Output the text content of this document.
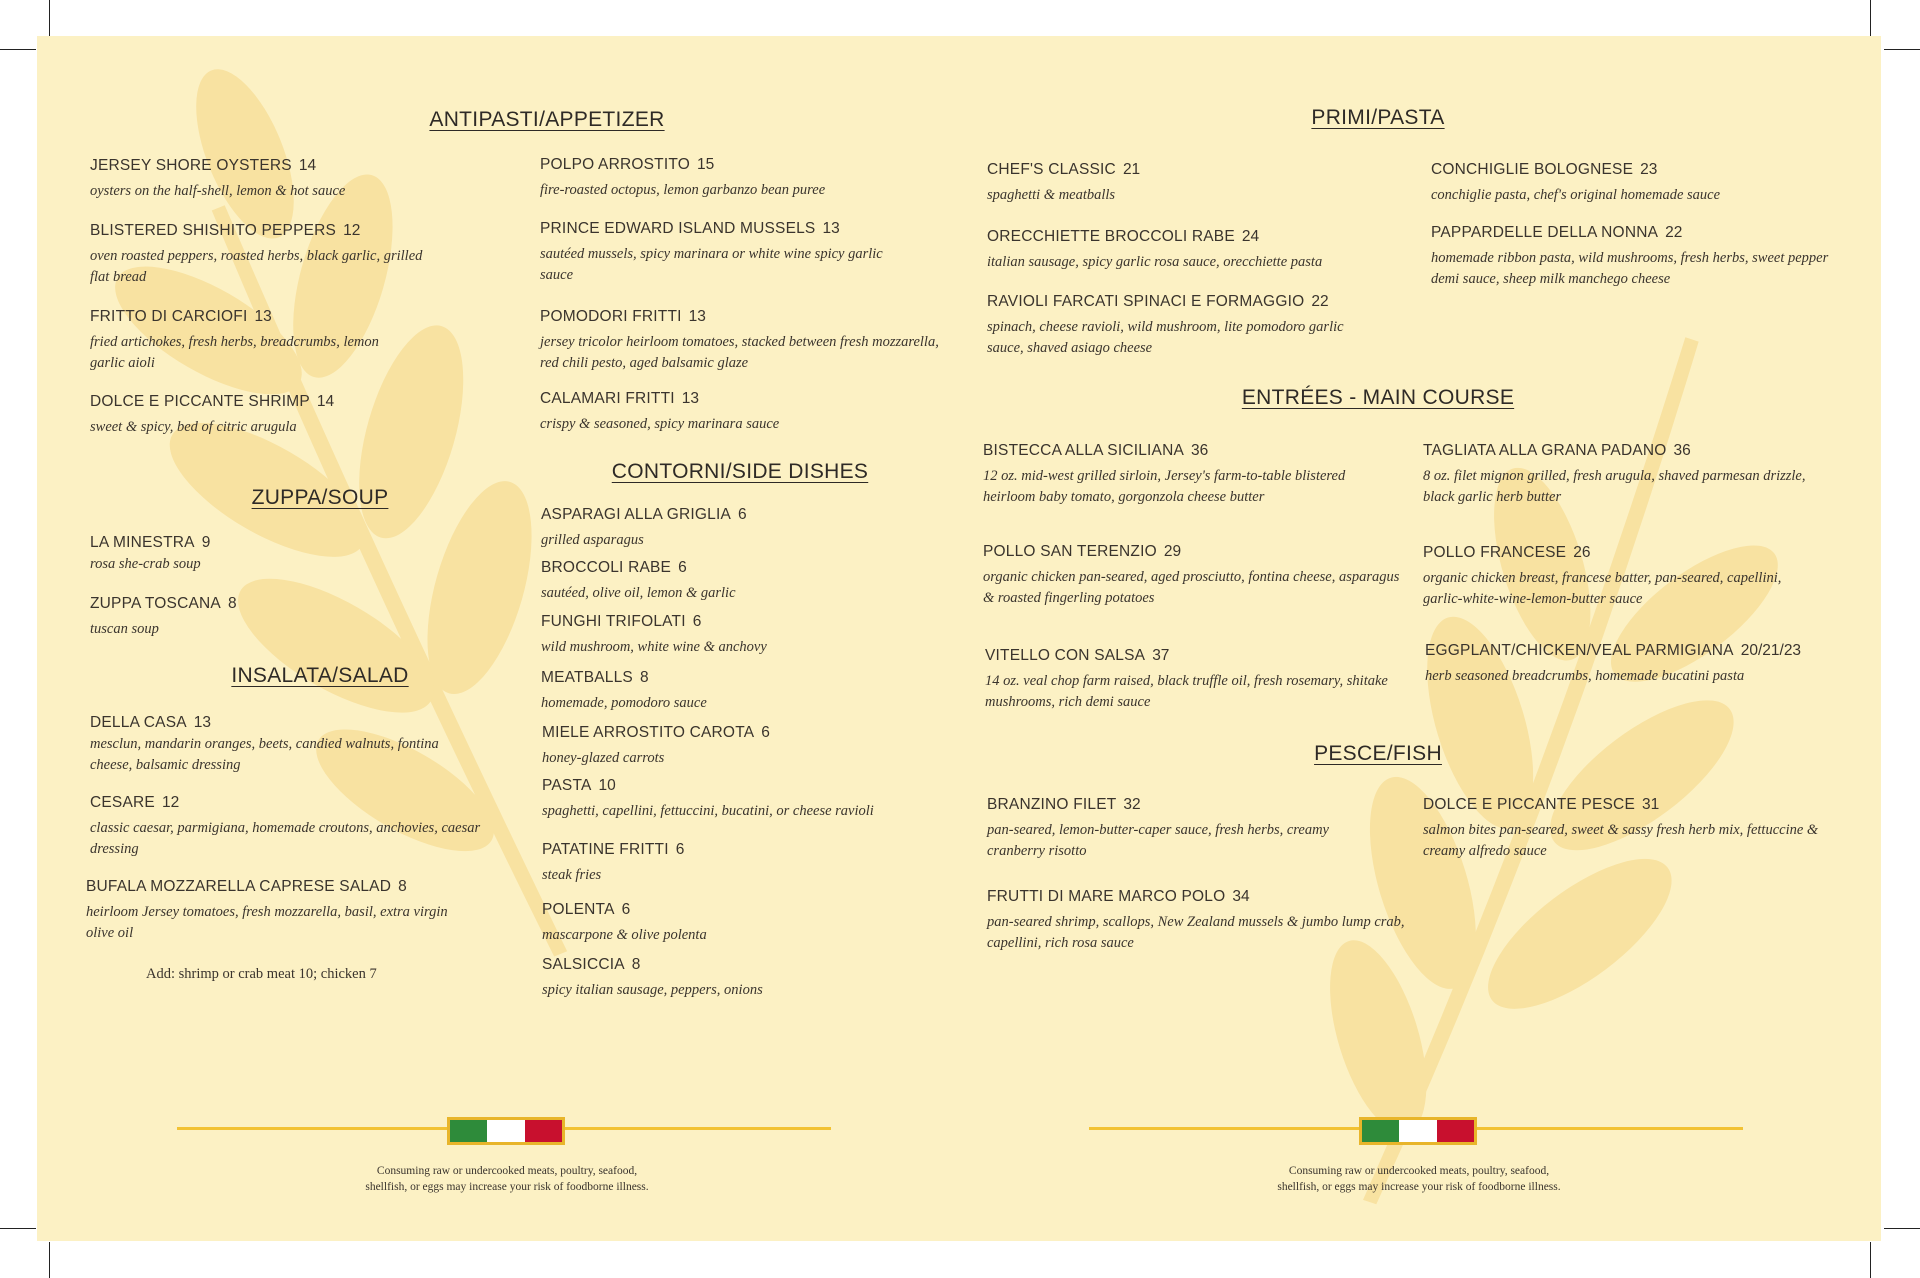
ANTIPASTI/APPETIZER
JERSEY SHORE OYSTERS 14
oysters on the half-shell, lemon & hot sauce
BLISTERED SHISHITO PEPPERS 12
oven roasted peppers, roasted herbs, black garlic, grilled flat bread
FRITTO DI CARCIOFI 13
fried artichokes, fresh herbs, breadcrumbs, lemon garlic aioli
DOLCE E PICCANTE SHRIMP 14
sweet & spicy, bed of citric arugula
POLPO ARROSTITO 15
fire-roasted octopus, lemon garbanzo bean puree
PRINCE EDWARD ISLAND MUSSELS 13
sautéed mussels, spicy marinara or white wine spicy garlic sauce
POMODORI FRITTI 13
jersey tricolor heirloom tomatoes, stacked between fresh mozzarella, red chili pesto, aged balsamic glaze
CALAMARI FRITTI 13
crispy & seasoned, spicy marinara sauce
ZUPPA/SOUP
LA MINESTRA 9
rosa she-crab soup
ZUPPA TOSCANA 8
tuscan soup
INSALATA/SALAD
DELLA CASA 13
mesclun, mandarin oranges, beets, candied walnuts, fontina cheese, balsamic dressing
CESARE 12
classic caesar, parmigiana, homemade croutons, anchovies, caesar dressing
BUFALA MOZZARELLA CAPRESE SALAD 8
heirloom Jersey tomatoes, fresh mozzarella, basil, extra virgin olive oil
Add: shrimp or crab meat 10; chicken 7
CONTORNI/SIDE DISHES
ASPARAGI ALLA GRIGLIA 6
grilled asparagus
BROCCOLI RABE 6
sautéed, olive oil, lemon & garlic
FUNGHI TRIFOLATI 6
wild mushroom, white wine & anchovy
MEATBALLS 8
homemade, pomodoro sauce
MIELE ARROSTITO CAROTA 6
honey-glazed carrots
PASTA 10
spaghetti, capellini, fettuccini, bucatini, or cheese ravioli
PATATINE FRITTI 6
steak fries
POLENTA 6
mascarpone & olive polenta
SALSICCIA 8
spicy italian sausage, peppers, onions
PRIMI/PASTA
CHEF'S CLASSIC 21
spaghetti & meatballs
ORECCHIETTE BROCCOLI RABE 24
italian sausage, spicy garlic rosa sauce, orecchiette pasta
RAVIOLI FARCATI SPINACI E FORMAGGIO 22
spinach, cheese ravioli, wild mushroom, lite pomodoro garlic sauce, shaved asiago cheese
CONCHIGLIE BOLOGNESE 23
conchiglie pasta, chef's original homemade sauce
PAPPARDELLE DELLA NONNA 22
homemade ribbon pasta, wild mushrooms, fresh herbs, sweet pepper demi sauce, sheep milk manchego cheese
ENTRÉES - MAIN COURSE
BISTECCA ALLA SICILIANA 36
12 oz. mid-west grilled sirloin, Jersey's farm-to-table blistered heirloom baby tomato, gorgonzola cheese butter
POLLO SAN TERENZIO 29
organic chicken pan-seared, aged prosciutto, fontina cheese, asparagus & roasted fingerling potatoes
VITELLO CON SALSA 37
14 oz. veal chop farm raised, black truffle oil, fresh rosemary, shitake mushrooms, rich demi sauce
TAGLIATA ALLA GRANA PADANO 36
8 oz. filet mignon grilled, fresh arugula, shaved parmesan drizzle, black garlic herb butter
POLLO FRANCESE 26
organic chicken breast, francese batter, pan-seared, capellini, garlic-white-wine-lemon-butter sauce
EGGPLANT/CHICKEN/VEAL PARMIGIANA 20/21/23
herb seasoned breadcrumbs, homemade bucatini pasta
PESCE/FISH
BRANZINO FILET 32
pan-seared, lemon-butter-caper sauce, fresh herbs, creamy cranberry risotto
FRUTTI DI MARE MARCO POLO 34
pan-seared shrimp, scallops, New Zealand mussels & jumbo lump crab, capellini, rich rosa sauce
DOLCE E PICCANTE PESCE 31
salmon bites pan-seared, sweet & sassy fresh herb mix, fettuccine & creamy alfredo sauce
Consuming raw or undercooked meats, poultry, seafood,
shellfish, or eggs may increase your risk of foodborne illness.
Consuming raw or undercooked meats, poultry, seafood,
shellfish, or eggs may increase your risk of foodborne illness.
